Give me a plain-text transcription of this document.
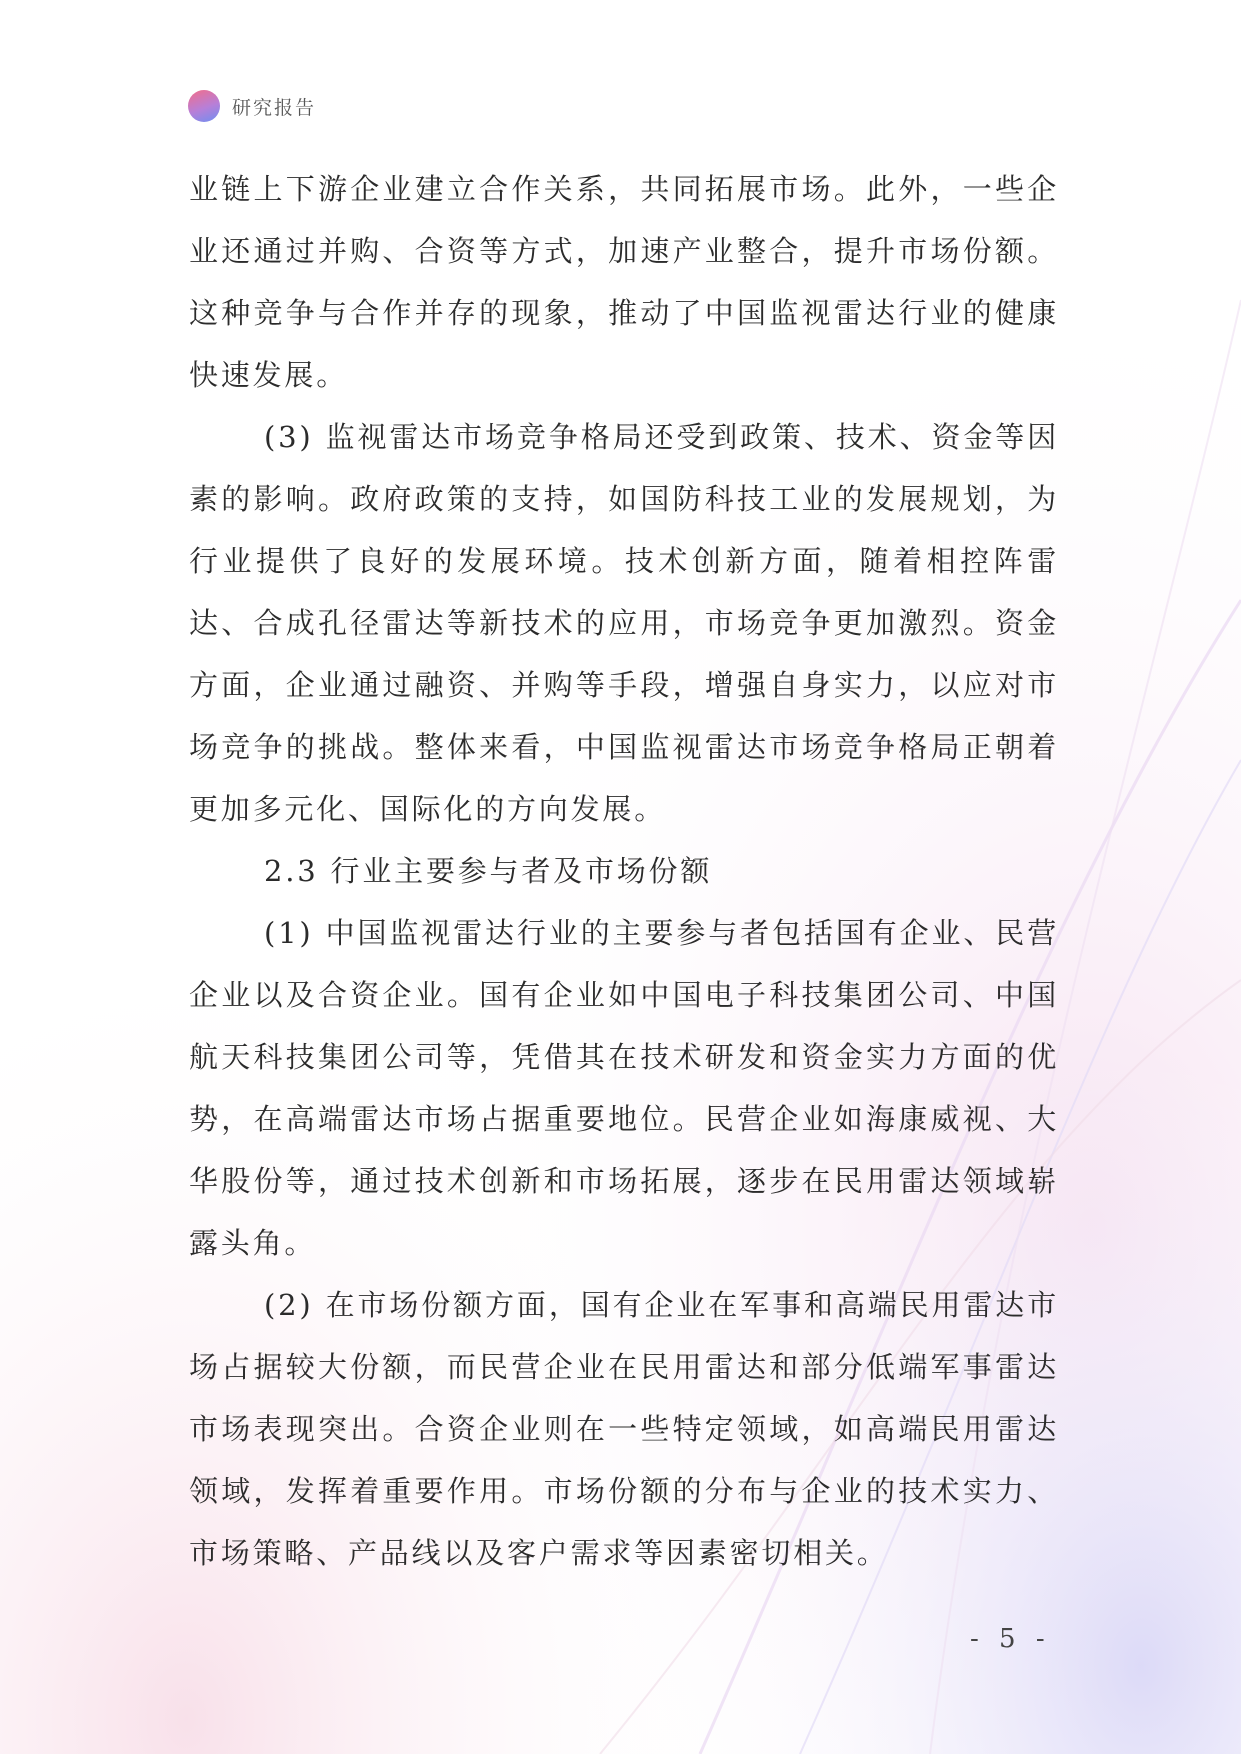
研究报告

业链上下游企业建立合作关系，共同拓展市场。此外，一些企业还通过并购、合资等方式，加速产业整合，提升市场份额。这种竞争与合作并存的现象，推动了中国监视雷达行业的健康快速发展。

(3) 监视雷达市场竞争格局还受到政策、技术、资金等因素的影响。政府政策的支持，如国防科技工业的发展规划，为行业提供了良好的发展环境。技术创新方面，随着相控阵雷达、合成孔径雷达等新技术的应用，市场竞争更加激烈。资金方面，企业通过融资、并购等手段，增强自身实力，以应对市场竞争的挑战。整体来看，中国监视雷达市场竞争格局正朝着更加多元化、国际化的方向发展。

2.3 行业主要参与者及市场份额

(1) 中国监视雷达行业的主要参与者包括国有企业、民营企业以及合资企业。国有企业如中国电子科技集团公司、中国航天科技集团公司等，凭借其在技术研发和资金实力方面的优势，在高端雷达市场占据重要地位。民营企业如海康威视、大华股份等，通过技术创新和市场拓展，逐步在民用雷达领域崭露头角。

(2) 在市场份额方面，国有企业在军事和高端民用雷达市场占据较大份额，而民营企业在民用雷达和部分低端军事雷达市场表现突出。合资企业则在一些特定领域，如高端民用雷达领域，发挥着重要作用。市场份额的分布与企业的技术实力、市场策略、产品线以及客户需求等因素密切相关。

- 5 -
